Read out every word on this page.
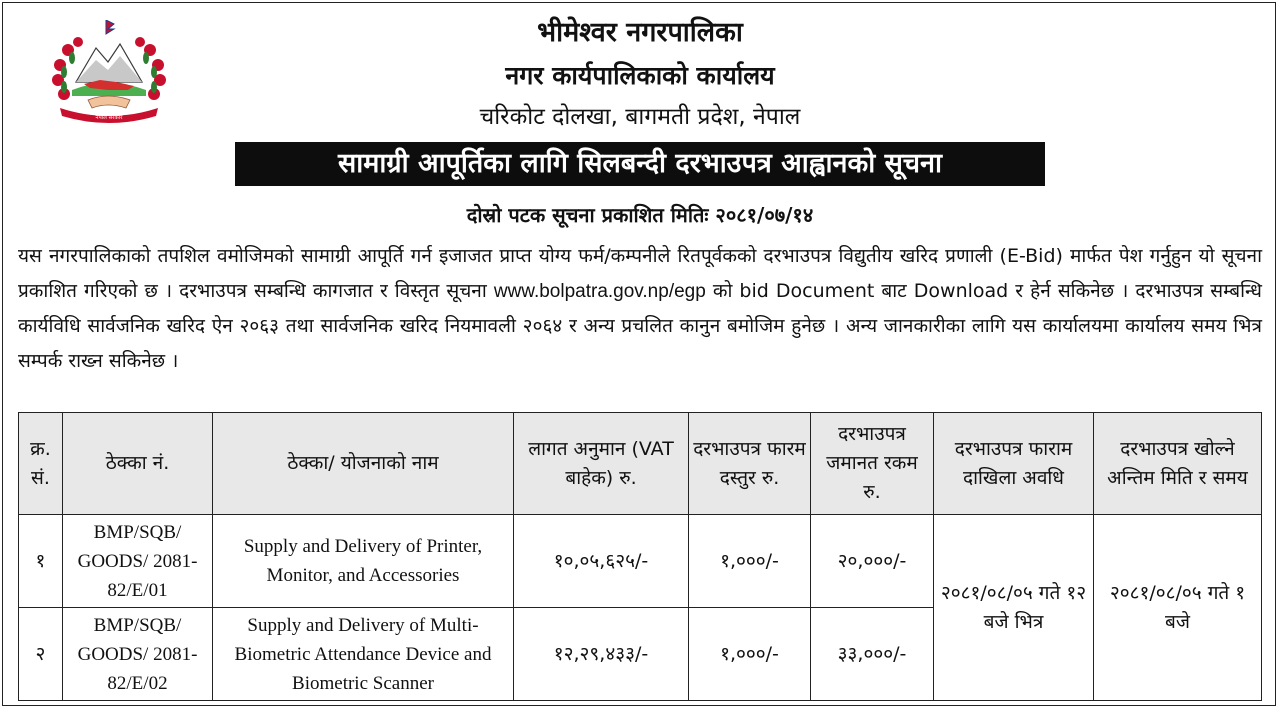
नेपाल सरकार
भीमेश्वर नगरपालिका
नगर कार्यपालिकाको कार्यालय
चरिकोट दोलखा, बागमती प्रदेश, नेपाल
सामाग्री आपूर्तिका लागि सिलबन्दी दरभाउपत्र आह्वानको सूचना
दोस्रो पटक सूचना प्रकाशित मितिः २०८१/०७/१४
यस नगरपालिकाको तपशिल वमोजिमको सामाग्री आपूर्ति गर्न इजाजत प्राप्त योग्य फर्म/कम्पनीले रितपूर्वकको दरभाउपत्र विद्युतीय खरिद प्रणाली (E-Bid) मार्फत पेश गर्नुहुन यो सूचना प्रकाशित गरिएको छ । दरभाउपत्र सम्बन्धि कागजात र विस्तृत सूचना www.bolpatra.gov.np/egp को bid Document बाट Download र हेर्न सकिनेछ । दरभाउपत्र सम्बन्धि कार्यविधि सार्वजनिक खरिद ऐन २०६३ तथा सार्वजनिक खरिद नियमावली २०६४ र अन्य प्रचलित कानुन बमोजिम हुनेछ । अन्य जानकारीका लागि यस कार्यालयमा कार्यालय समय भित्र सम्पर्क राख्न सकिनेछ ।
क्र. सं.	ठेक्का नं.	ठेक्का/ योजनाको नाम	लागत अनुमान (VAT बाहेक) रु.	दरभाउपत्र फारम दस्तुर रु.	दरभाउपत्र जमानत रकम रु.	दरभाउपत्र फाराम दाखिला अवधि	दरभाउपत्र खोल्ने अन्तिम मिति र समय
१	BMP/SQB/ GOODS/ 2081-82/E/01	Supply and Delivery of Printer, Monitor, and Accessories	१०,०५,६२५/-	१,०००/-	२०,०००/-	२०८१/०८/०५ गते १२ बजे भित्र	२०८१/०८/०५ गते १ बजे
२	BMP/SQB/ GOODS/ 2081-82/E/02	Supply and Delivery of Multi-Biometric Attendance Device and Biometric Scanner	१२,२९,४३३/-	१,०००/-	३३,०००/-		
